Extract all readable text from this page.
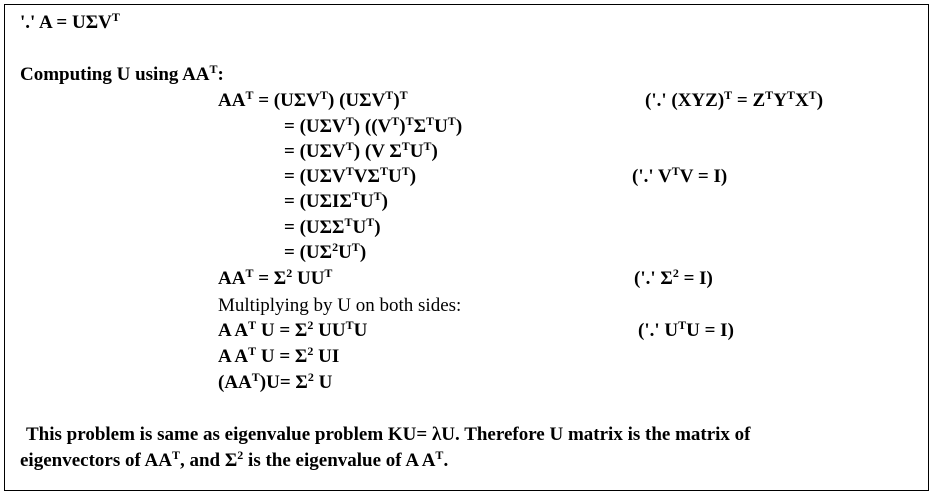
'.' $A = U\Sigma V^T$
Computing U using $AA^T$:
$AA^T = (U\Sigma V^T)$ $(U\Sigma V^T)^T$
= $(U\Sigma V^T)$ $((V^T)^T\Sigma^TU^T)$
= $(U\Sigma V^T)$ (V $\Sigma^TU^T$)
= $(U\Sigma V^TV\Sigma^TU^T)$
= $(U\Sigma I\Sigma^TU^T)$
= $(U\Sigma\Sigma^TU^T)$
= $(U\Sigma^2U^T)$
$AA^T = \Sigma^2$ $UU^T$
Multiplying by U on both sides:
A $A^T$ $U = \Sigma^2$ $UU^TU$
A $A^T$ $U = \Sigma^2$ UI
$(AA^T)U= \Sigma^2$ U
('.' $(XYZ)^T = Z^TY^TX^T$)
('.' $V^TV = I$)
('.' $\Sigma^2 = I$)
('.' $U^TU = I$)
This problem is same as eigenvalue problem KU= λU. Therefore U matrix is the matrix of
eigenvectors of $AA^T$, and $\Sigma^2$ is the eigenvalue of A $A^T$.
